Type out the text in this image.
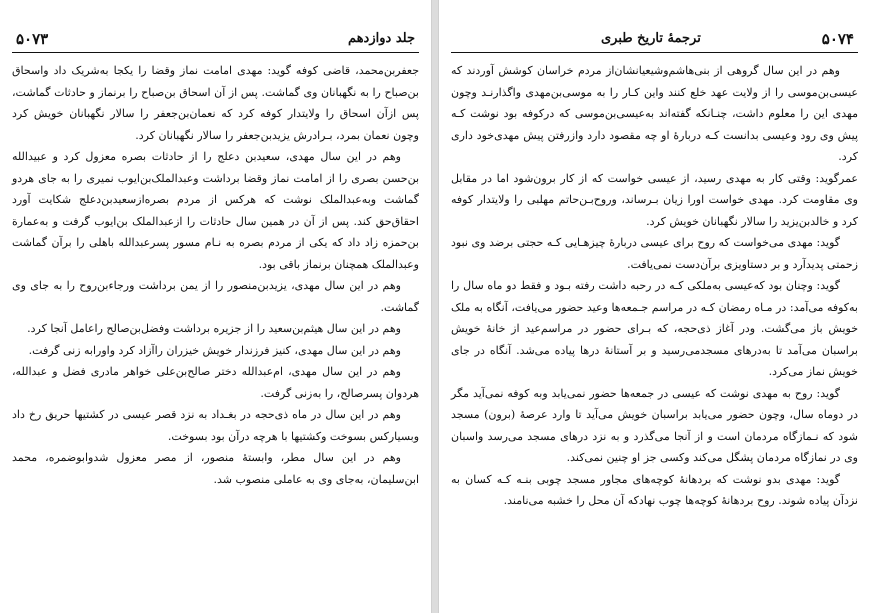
۵۰۷۳	جلد دوازدهم

جعفربن‌محمد، قاضی کوفه گوید: مهدی امامت نماز وقضا را یکجا به‌شریک داد واسحاق بن‌صباح را به نگهبانان وی گماشت. پس از آن اسحاق بن‌صباح را برنماز و حادثات گماشت، پس ازآن اسحاق را ولایتدار کوفه کرد که نعمان‌بن‌جعفر را سالار نگهبانان خویش کرد وچون نعمان بمرد، بـرادرش یزیدبن‌جعفر را سالار نگهبانان کرد.

وهم در این سال مهدی، سعیدبن دعلج را از حادثات بصره معزول کرد و عبیدالله بن‌حسن بصری را از امامت نماز وقضا برداشت وعبدالملک‌بن‌ایوب نمیری را به جای هردو گماشت وبه‌عبدالملک نوشت که هرکس از مردم بصره‌ازسعیدبن‌دعلج شکایت آورد احقاق‌حق کند. پس از آن در همین سال حادثات را ازعبدالملک بن‌ایوب گرفت و به‌عمارة بن‌حمزه زاد داد که یکی از مردم بصره به نـام مسور پسرعبدالله باهلی را برآن گماشت وعبدالملک همچنان برنماز باقی بود.

وهم در این سال مهدی، یزیدبن‌منصور را از یمن برداشت ورجاءبن‌روح را به جای وی گماشت.

وهم در این سال هیثم‌بن‌سعید را از جزیره برداشت وفضل‌بن‌صالح راعامل آنجا کرد.

وهم در این سال مهدی، کنیز فرزندار خویش خیزران راآزاد کرد واورابه زنی گرفت.

وهم در این سال مهدی، ام‌عبدالله دختر صالح‌بن‌علی خواهر مادری فضل و عبدالله، هردوان پسرصالح، را به‌زنی گرفت.

وهم در این سال در ماه ذی‌حجه در بغـداد به نزد قصر عیسی در کشتیها حریق رخ داد وبسیارکس بسوخت وکشتیها با هرچه درآن بود بسوخت.

وهم در این سال مطر، وابستهٔ منصور، از مصر معزول شدوابوضمره، محمد ابن‌سلیمان، به‌جای وی به عاملی منصوب شد.

۵۰۷۴
ترجمهٔ تاریخ طبری

وهم در این سال گروهی از بنی‌هاشم‌وشیعیانشان‌از مردم خراسان کوشش آوردند که عیسی‌بن‌موسی را از ولایت عهد خلع کنند واین کـار را به موسی‌بن‌مهدی واگذارنـد وچون مهدی این را معلوم داشت، چنـانکه گفته‌اند به‌عیسی‌بن‌موسی که درکوفه بود نوشت کـه پیش وی رود وعیسی بدانست کـه دربارهٔ او چه مقصود دارد وازرفتن پیش مهدی‌خود داری کرد.

عمرگوید: وقتی کار به مهدی رسید، از عیسی خواست که از کار برون‌شود اما در مقابل وی مقاومت کرد. مهدی خواست اورا زیان بـرساند، وروح‌بـن‌حاتم مهلبی را ولایتدار کوفه کرد و خالدبن‌یزید را سالار نگهبانان خویش کرد.

گوید: مهدی می‌خواست که روح برای عیسی دربارهٔ چیزهـایی کـه حجتی برضد وی نبود زحمتی پدیدآرد و بر دستاویزی برآن‌دست نمی‌یافت.

گوید: وچنان بود که‌عیسی به‌ملکی کـه در رحبه داشت رفته بـود و فقط دو ماه سال را به‌کوفه می‌آمد: در مـاه رمضان کـه در مراسم جـمعه‌ها وعید حضور می‌یافت، آنگاه به ملک خویش باز می‌گشت. ودر آغاز ذی‌حجه، که بـرای حضور در مراسم‌عید از خانهٔ خویش براسبان می‌آمد تا به‌درهای مسجدمی‌رسید و بر آستانهٔ درها پیاده می‌شد. آنگاه در جای خویش نماز می‌کرد.

گوید: روح به مهدی نوشت که عیسی در جمعه‌ها حضور نمی‌یابد وبه کوفه نمی‌آید مگر در دوماه سال، وچون حضور می‌یابد براسبان خویش می‌آید تا وارد عرصهٔ (برون) مسجد شود که نـمازگاه مردمان است و از آنجا می‌گذرد و به نزد درهای مسجد می‌رسد واسبان وی در نمازگاه مردمان پشگل می‌کند وکسی جز او چنین نمی‌کند.

گوید: مهدی بدو نوشت که بردهانهٔ کوچه‌های مجاور مسجد چوبی بنـه کـه کسان به نزدآن پیاده شوند. روح بردهانهٔ کوچه‌ها چوب نهادکه آن محل را خشبه می‌نامند.
